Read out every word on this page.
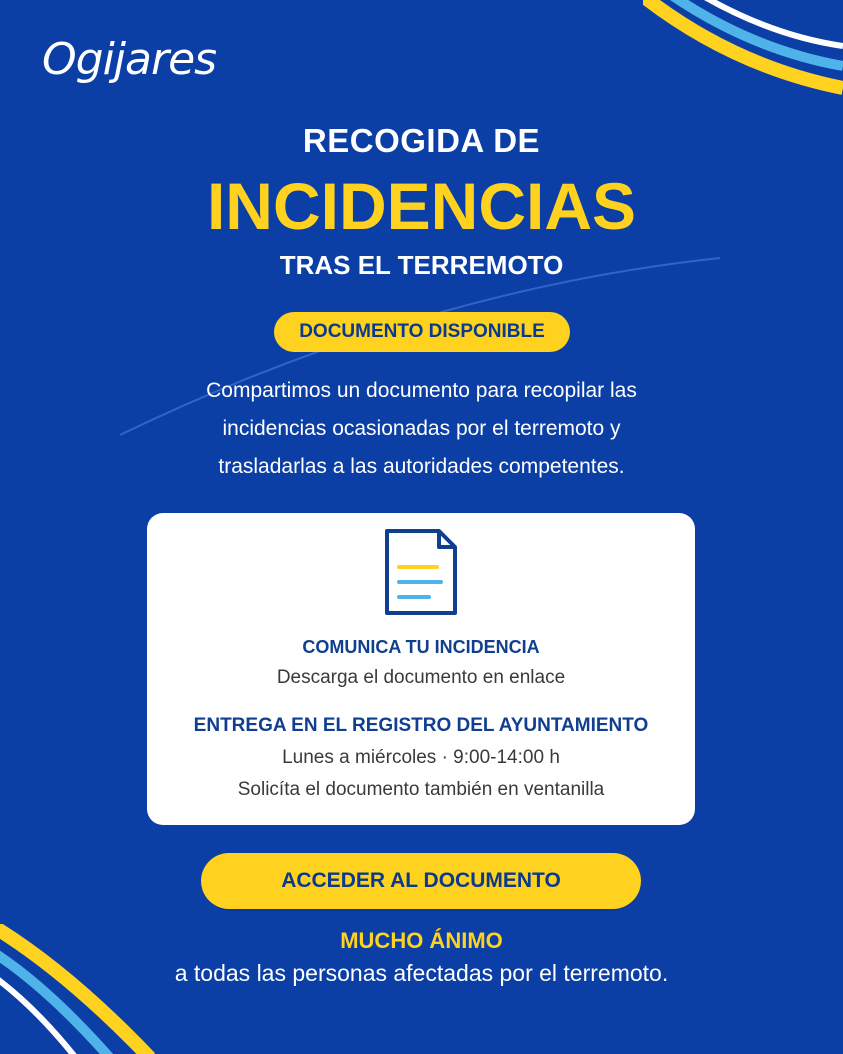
Ogijares
RECOGIDA DE
INCIDENCIAS
TRAS EL TERREMOTO
DOCUMENTO DISPONIBLE
Compartimos un documento para recopilar las
incidencias ocasionadas por el terremoto y
trasladarlas a las autoridades competentes.
COMUNICA TU INCIDENCIA
Descarga el documento en enlace
ENTREGA EN EL REGISTRO DEL AYUNTAMIENTO
Lunes a miércoles · 9:00-14:00 h
Solicíta el documento también en ventanilla
ACCEDER AL DOCUMENTO
MUCHO ÁNIMO
a todas las personas afectadas por el terremoto.
